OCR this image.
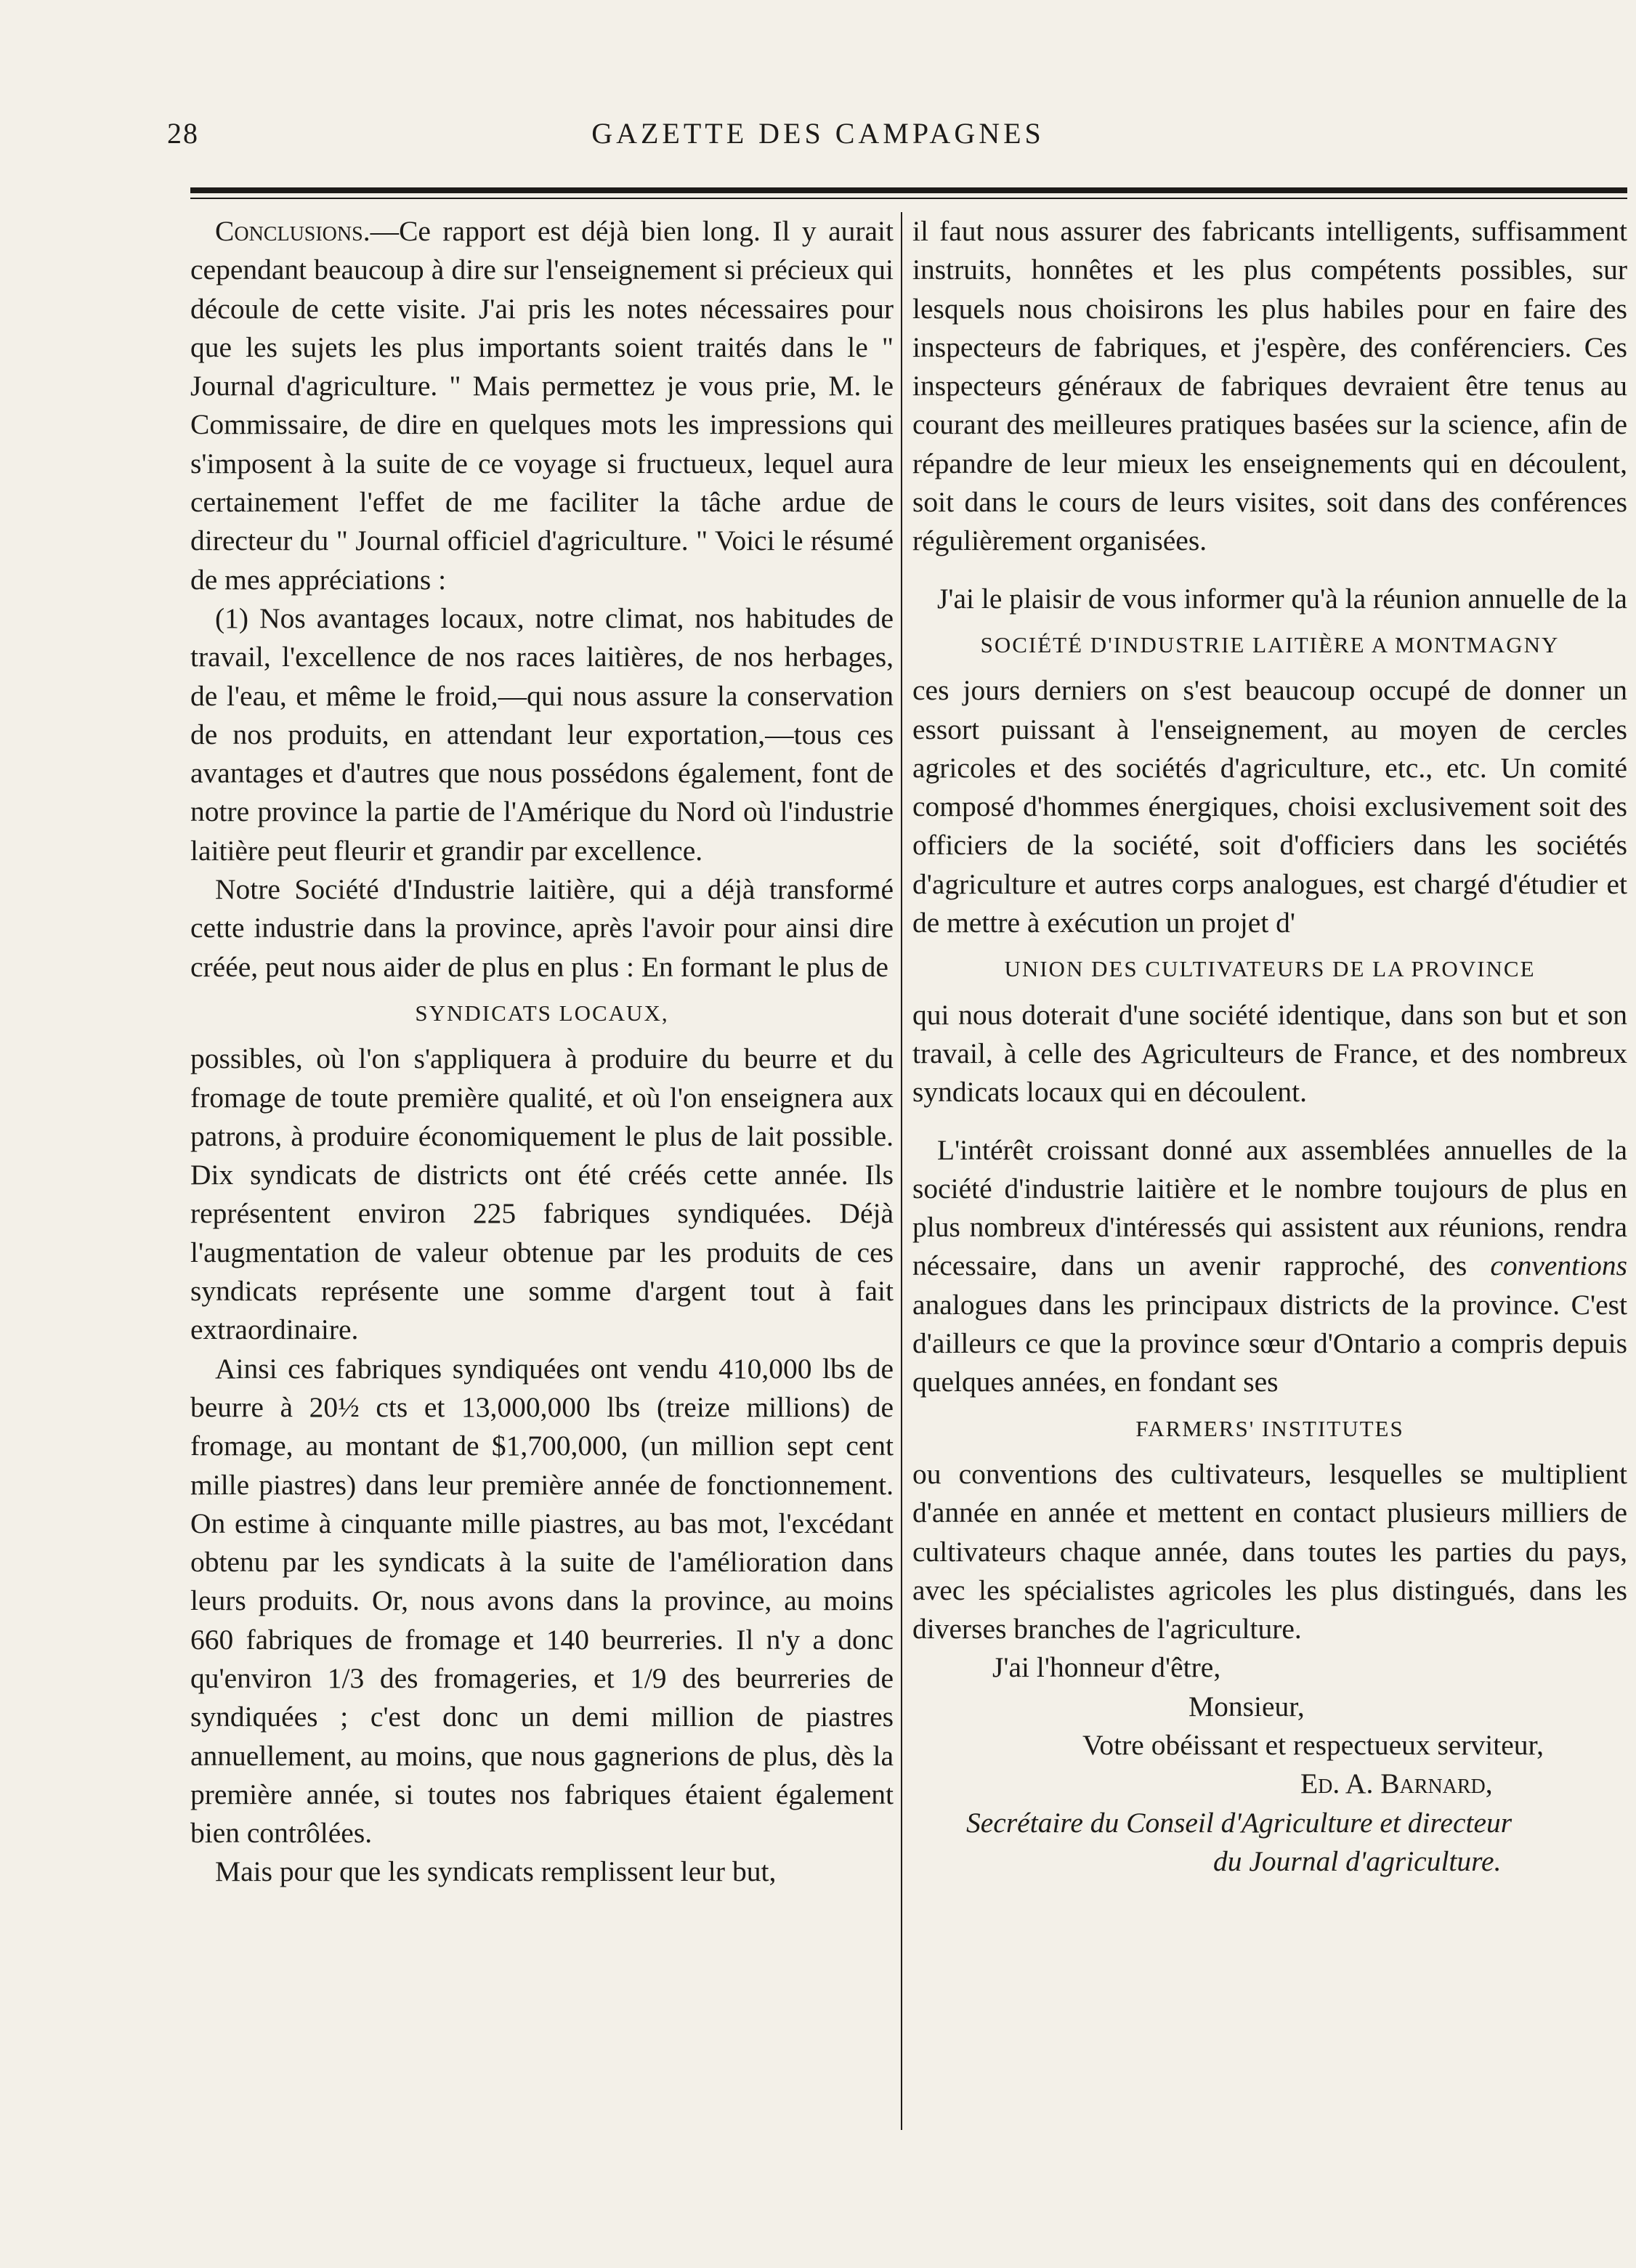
28	GAZETTE DES CAMPAGNES

Conclusions.—Ce rapport est déjà bien long. Il y aurait cependant beaucoup à dire sur l'enseignement si précieux qui découle de cette visite. J'ai pris les notes nécessaires pour que les sujets les plus importants soient traités dans le " Journal d'agriculture. " Mais permettez je vous prie, M. le Commissaire, de dire en quelques mots les impressions qui s'imposent à la suite de ce voyage si fructueux, lequel aura certainement l'effet de me faciliter la tâche ardue de directeur du " Journal officiel d'agriculture. " Voici le résumé de mes appréciations :

(1) Nos avantages locaux, notre climat, nos habitudes de travail, l'excellence de nos races laitières, de nos herbages, de l'eau, et même le froid,—qui nous assure la conservation de nos produits, en attendant leur exportation,—tous ces avantages et d'autres que nous possédons également, font de notre province la partie de l'Amérique du Nord où l'industrie laitière peut fleurir et grandir par excellence.

Notre Société d'Industrie laitière, qui a déjà transformé cette industrie dans la province, après l'avoir pour ainsi dire créée, peut nous aider de plus en plus : En formant le plus de

SYNDICATS LOCAUX,

possibles, où l'on s'appliquera à produire du beurre et du fromage de toute première qualité, et où l'on enseignera aux patrons, à produire économiquement le plus de lait possible. Dix syndicats de districts ont été créés cette année. Ils représentent environ 225 fabriques syndiquées. Déjà l'augmentation de valeur obtenue par les produits de ces syndicats représente une somme d'argent tout à fait extraordinaire.

Ainsi ces fabriques syndiquées ont vendu 410,000 lbs de beurre à 20½ cts et 13,000,000 lbs (treize millions) de fromage, au montant de $1,700,000, (un million sept cent mille piastres) dans leur première année de fonctionnement. On estime à cinquante mille piastres, au bas mot, l'excédant obtenu par les syndicats à la suite de l'amélioration dans leurs produits. Or, nous avons dans la province, au moins 660 fabriques de fromage et 140 beurreries. Il n'y a donc qu'environ 1/3 des fromageries, et 1/9 des beurreries de syndiquées ; c'est donc un demi million de piastres annuellement, au moins, que nous gagnerions de plus, dès la première année, si toutes nos fabriques étaient également bien contrôlées.

Mais pour que les syndicats remplissent leur but,

il faut nous assurer des fabricants intelligents, suffisamment instruits, honnêtes et les plus compétents possibles, sur lesquels nous choisirons les plus habiles pour en faire des inspecteurs de fabriques, et j'espère, des conférenciers. Ces inspecteurs généraux de fabriques devraient être tenus au courant des meilleures pratiques basées sur la science, afin de répandre de leur mieux les enseignements qui en découlent, soit dans le cours de leurs visites, soit dans des conférences régulièrement organisées.

J'ai le plaisir de vous informer qu'à la réunion annuelle de la

SOCIÉTÉ D'INDUSTRIE LAITIÈRE A MONTMAGNY

ces jours derniers on s'est beaucoup occupé de donner un essort puissant à l'enseignement, au moyen de cercles agricoles et des sociétés d'agriculture, etc., etc. Un comité composé d'hommes énergiques, choisi exclusivement soit des officiers de la société, soit d'officiers dans les sociétés d'agriculture et autres corps analogues, est chargé d'étudier et de mettre à exécution un projet d'

UNION DES CULTIVATEURS DE LA PROVINCE

qui nous doterait d'une société identique, dans son but et son travail, à celle des Agriculteurs de France, et des nombreux syndicats locaux qui en découlent.

L'intérêt croissant donné aux assemblées annuelles de la société d'industrie laitière et le nombre toujours de plus en plus nombreux d'intéressés qui assistent aux réunions, rendra nécessaire, dans un avenir rapproché, des conventions analogues dans les principaux districts de la province. C'est d'ailleurs ce que la province sœur d'Ontario a compris depuis quelques années, en fondant ses

FARMERS' INSTITUTES

ou conventions des cultivateurs, lesquelles se multiplient d'année en année et mettent en contact plusieurs milliers de cultivateurs chaque année, dans toutes les parties du pays, avec les spécialistes agricoles les plus distingués, dans les diverses branches de l'agriculture.

J'ai l'honneur d'être,

Monsieur,

Votre obéissant et respectueux serviteur,

Ed. A. Barnard,

Secrétaire du Conseil d'Agriculture et directeur

du Journal d'agriculture.
